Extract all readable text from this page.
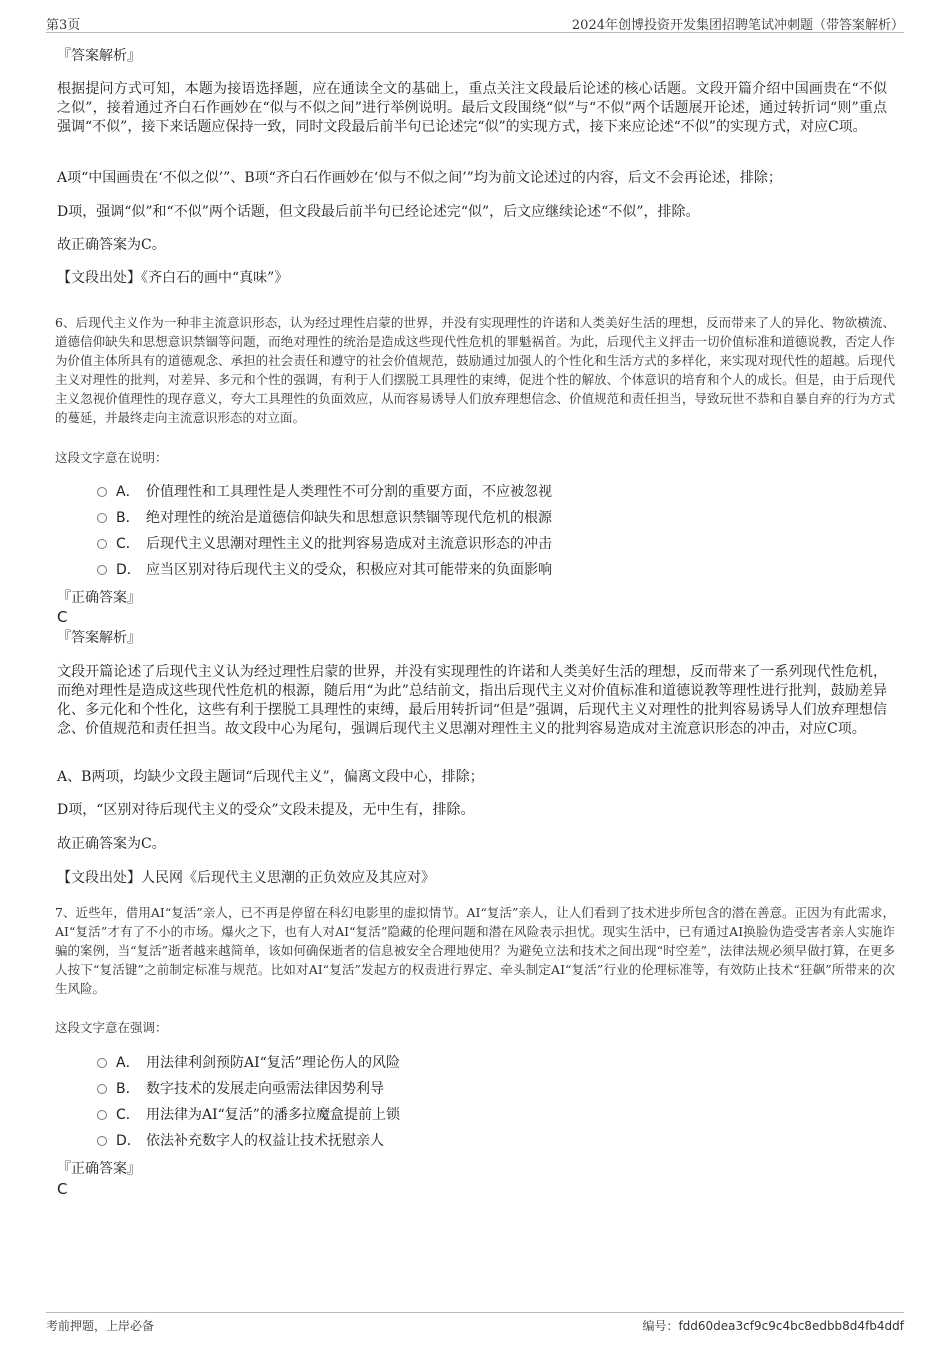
第3页	2024年创博投资开发集团招聘笔试冲刺题（带答案解析）
『答案解析』
根据提问方式可知，本题为接语选择题，应在通读全文的基础上，重点关注文段最后论述的核心话题。文段开篇介绍中国画贵在“不似之似”，接着通过齐白石作画妙在“似与不似之间”进行举例说明。最后文段围绕“似”与“不似”两个话题展开论述，通过转折词“则”重点强调“不似”，接下来话题应保持一致，同时文段最后前半句已论述完“似”的实现方式，接下来应论述“不似”的实现方式，对应C项。
A项“中国画贵在‘不似之似’”、B项“齐白石作画妙在‘似与不似之间’”均为前文论述过的内容，后文不会再论述，排除；
D项，强调“似”和“不似”两个话题，但文段最后前半句已经论述完“似”，后文应继续论述“不似”，排除。
故正确答案为C。
【文段出处】《齐白石的画中“真味”》
6、后现代主义作为一种非主流意识形态，认为经过理性启蒙的世界，并没有实现理性的许诺和人类美好生活的理想，反而带来了人的异化、物欲横流、道德信仰缺失和思想意识禁锢等问题，而绝对理性的统治是造成这些现代性危机的罪魁祸首。为此，后现代主义抨击一切价值标准和道德说教，否定人作为价值主体所具有的道德观念、承担的社会责任和遵守的社会价值规范，鼓励通过加强人的个性化和生活方式的多样化，来实现对现代性的超越。后现代主义对理性的批判，对差异、多元和个性的强调，有利于人们摆脱工具理性的束缚，促进个性的解放、个体意识的培育和个人的成长。但是，由于后现代主义忽视价值理性的现存意义，夸大工具理性的负面效应，从而容易诱导人们放弃理想信念、价值规范和责任担当，导致玩世不恭和自暴自弃的行为方式的蔓延，并最终走向主流意识形态的对立面。
这段文字意在说明：
A． 价值理性和工具理性是人类理性不可分割的重要方面，不应被忽视
B． 绝对理性的统治是道德信仰缺失和思想意识禁锢等现代危机的根源
C． 后现代主义思潮对理性主义的批判容易造成对主流意识形态的冲击
D． 应当区别对待后现代主义的受众，积极应对其可能带来的负面影响
『正确答案』
C
『答案解析』
文段开篇论述了后现代主义认为经过理性启蒙的世界，并没有实现理性的许诺和人类美好生活的理想，反而带来了一系列现代性危机，而绝对理性是造成这些现代性危机的根源，随后用“为此”总结前文，指出后现代主义对价值标准和道德说教等理性进行批判，鼓励差异化、多元化和个性化，这些有利于摆脱工具理性的束缚，最后用转折词“但是”强调，后现代主义对理性的批判容易诱导人们放弃理想信念、价值规范和责任担当。故文段中心为尾句，强调后现代主义思潮对理性主义的批判容易造成对主流意识形态的冲击，对应C项。
A、B两项，均缺少文段主题词“后现代主义”，偏离文段中心，排除；
D项，“区别对待后现代主义的受众”文段未提及，无中生有，排除。
故正确答案为C。
【文段出处】人民网《后现代主义思潮的正负效应及其应对》
7、近些年，借用AI“复活”亲人，已不再是停留在科幻电影里的虚拟情节。AI“复活”亲人，让人们看到了技术进步所包含的潜在善意。正因为有此需求，AI“复活”才有了不小的市场。爆火之下，也有人对AI“复活”隐藏的伦理问题和潜在风险表示担忧。现实生活中，已有通过AI换脸伪造受害者亲人实施诈骗的案例，当“复活”逝者越来越简单，该如何确保逝者的信息被安全合理地使用？为避免立法和技术之间出现“时空差”，法律法规必须早做打算，在更多人按下“复活键”之前制定标准与规范。比如对AI“复活”发起方的权责进行界定、牵头制定AI“复活”行业的伦理标准等，有效防止技术“狂飙”所带来的次生风险。
这段文字意在强调：
A． 用法律利剑预防AI“复活”理论伤人的风险
B． 数字技术的发展走向亟需法律因势利导
C． 用法律为AI“复活”的潘多拉魔盒提前上锁
D． 依法补充数字人的权益让技术抚慰亲人
『正确答案』
C
考前押题，上岸必备	编号：fdd60dea3cf9c9c4bc8edbb8d4fb4ddf
